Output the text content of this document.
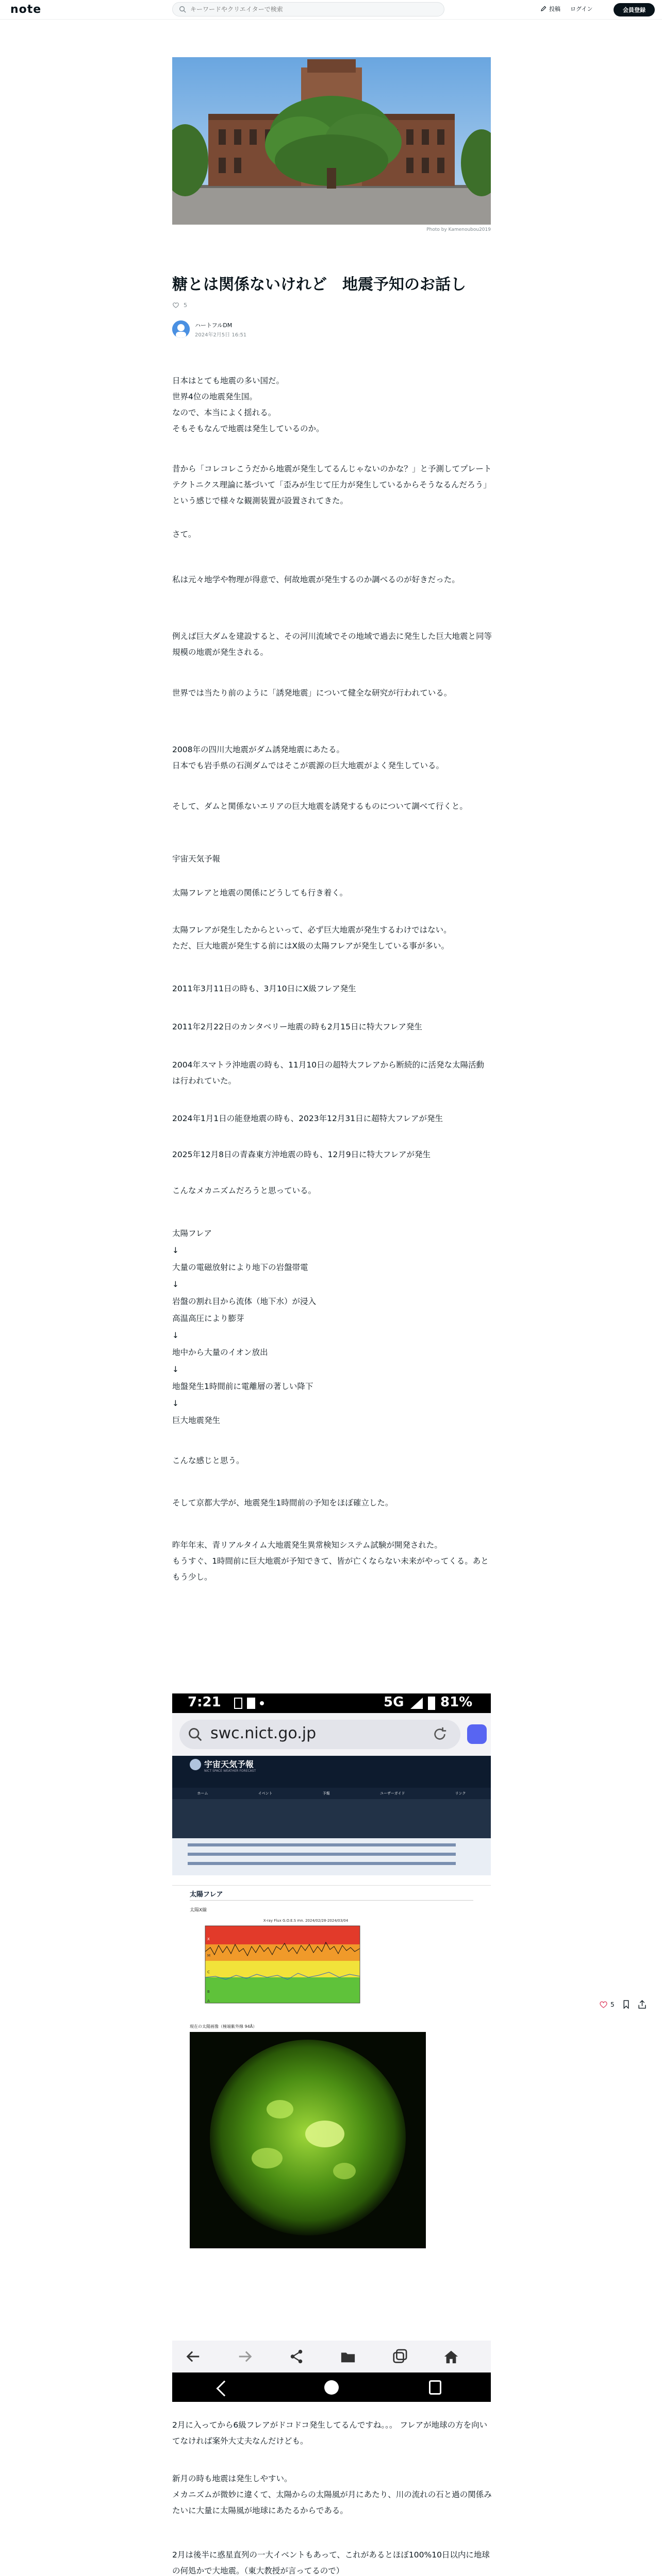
note
キーワードやクリエイターで検索	投稿 ログイン	会員登録
Photo by Kamenoubou2019
糖とは関係ないけれど　地震予知のお話し
5
ハートフルDM
2024年2月5日 16:51
日本はとても地震の多い国だ。
世界4位の地震発生国。
なので、本当によく揺れる。
そもそもなんで地震は発生しているのか。
昔から「コレコレこうだから地震が発生してるんじゃないのかな？」と予測してプレートテクトニクス理論に基づいて「歪みが生じて圧力が発生しているからそうなるんだろう」という感じで様々な観測装置が設置されてきた。
さて。
私は元々地学や物理が得意で、何故地震が発生するのか調べるのが好きだった。
例えば巨大ダムを建設すると、その河川流域でその地域で過去に発生した巨大地震と同等規模の地震が発生される。
世界では当たり前のように「誘発地震」について健全な研究が行われている。
2008年の四川大地震がダム誘発地震にあたる。
日本でも岩手県の石渕ダムではそこが震源の巨大地震がよく発生している。
そして、ダムと関係ないエリアの巨大地震を誘発するものについて調べて行くと。
宇宙天気予報
太陽フレアと地震の関係にどうしても行き着く。
太陽フレアが発生したからといって、必ず巨大地震が発生するわけではない。
ただ、巨大地震が発生する前にはX級の太陽フレアが発生している事が多い。
2011年3月11日の時も、3月10日にX級フレア発生
2011年2月22日のカンタベリー地震の時も2月15日に特大フレア発生
2004年スマトラ沖地震の時も、11月10日の超特大フレアから断続的に活発な太陽活動は行われていた。
2024年1月1日の能登地震の時も、2023年12月31日に超特大フレアが発生
2025年12月8日の青森東方沖地震の時も、12月9日に特大フレアが発生
こんなメカニズムだろうと思っている。
太陽フレア
↓
大量の電磁放射により地下の岩盤帯電
↓
岩盤の割れ目から流体（地下水）が浸入
高温高圧により膨芽
↓
地中から大量のイオン放出
↓
地盤発生1時間前に電離層の著しい降下
↓
巨大地震発生
こんな感じと思う。
そして京都大学が、地震発生1時間前の予知をほぼ確立した。
昨年年末、青リアルタイム大地震発生異常検知システム試験が開発された。
もうすぐ、1時間前に巨大地震が予知できて、皆が亡くならない未来がやってくる。あともう少し。
2月に入ってから6級フレアがドコドコ発生してるんですね。。。 フレアが地球の方を向いてなければ案外大丈夫なんだけども。
新月の時も地震は発生しやすい。
メカニズムが微妙に違くて、太陽からの太陽風が月にあたり、川の流れの石と過の関係みたいに大量に太陽風が地球にあたるからである。
2月は後半に惑星直列の一大イベントもあって、これがあるとほぼ100%10日以内に地球の何処かで大地震。（東大教授が言ってるので）

7:21	5G	81%
swc.nict.go.jp
宇宙天気予報
NICT SPACE WEATHER FORECAST
ホーム	イベント	予報	ユーザーガイド	リンク
太陽フレア
太陽X線
X-ray Flux G.O.E.S mn. 2024/02/28-2024/03/04
X
M
C
B
A
現在の太陽画像（極端紫外線 94Å）
5
